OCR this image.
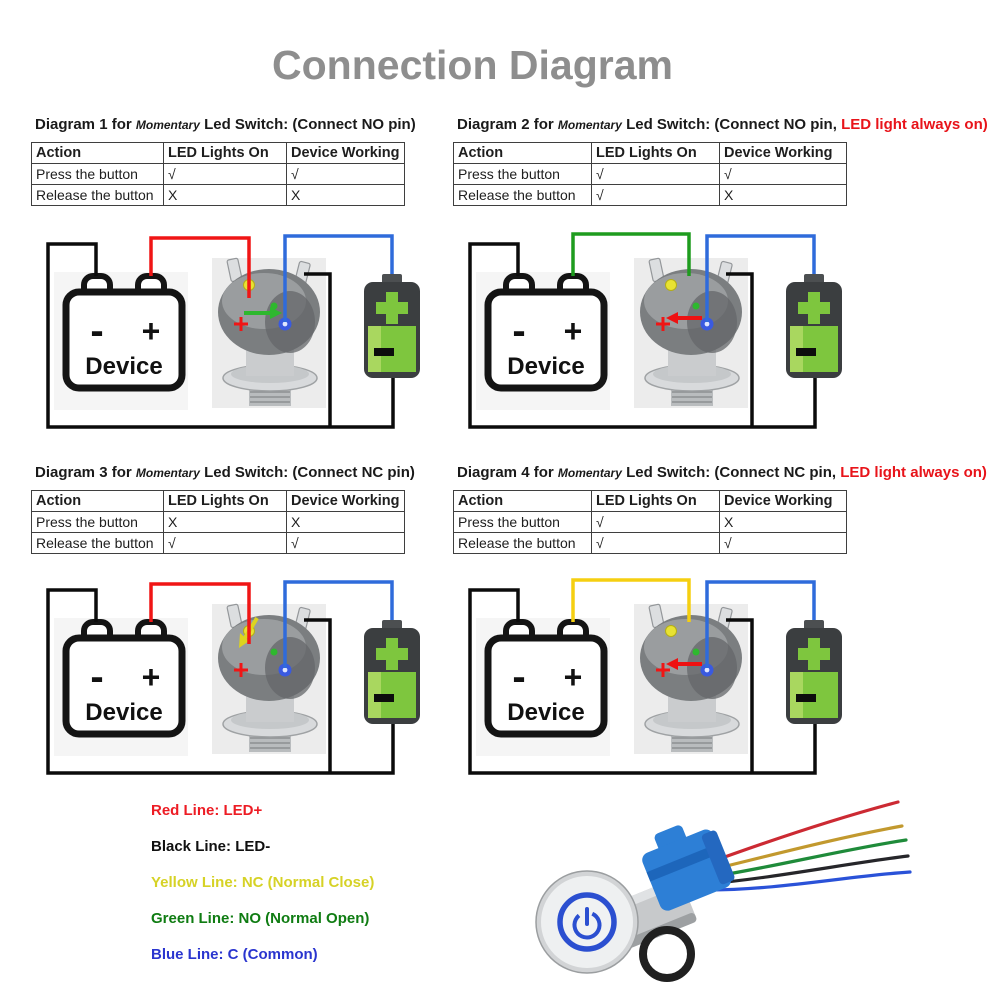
Connection Diagram
Diagram 1 for Momentary Led Switch: (Connect NO pin)
Action	LED Lights On	Device Working
Press the button	√	√
Release the button	X	X
- +
Device
Diagram 2 for Momentary Led Switch: (Connect NO pin, LED light always on)
Action	LED Lights On	Device Working
Press the button	√	√
Release the button	√	X
- +
Device
Diagram 3 for Momentary Led Switch: (Connect NC pin)
Action	LED Lights On	Device Working
Press the button	X	X
Release the button	√	√
- +
Device
Diagram 4 for Momentary Led Switch: (Connect NC pin, LED light always on)
Action	LED Lights On	Device Working
Press the button	√	X
Release the button	√	√
- +
Device
Red Line: LED+
Black Line: LED-
Yellow Line: NC (Normal Close)
Green Line: NO (Normal Open)
Blue Line: C (Common)
